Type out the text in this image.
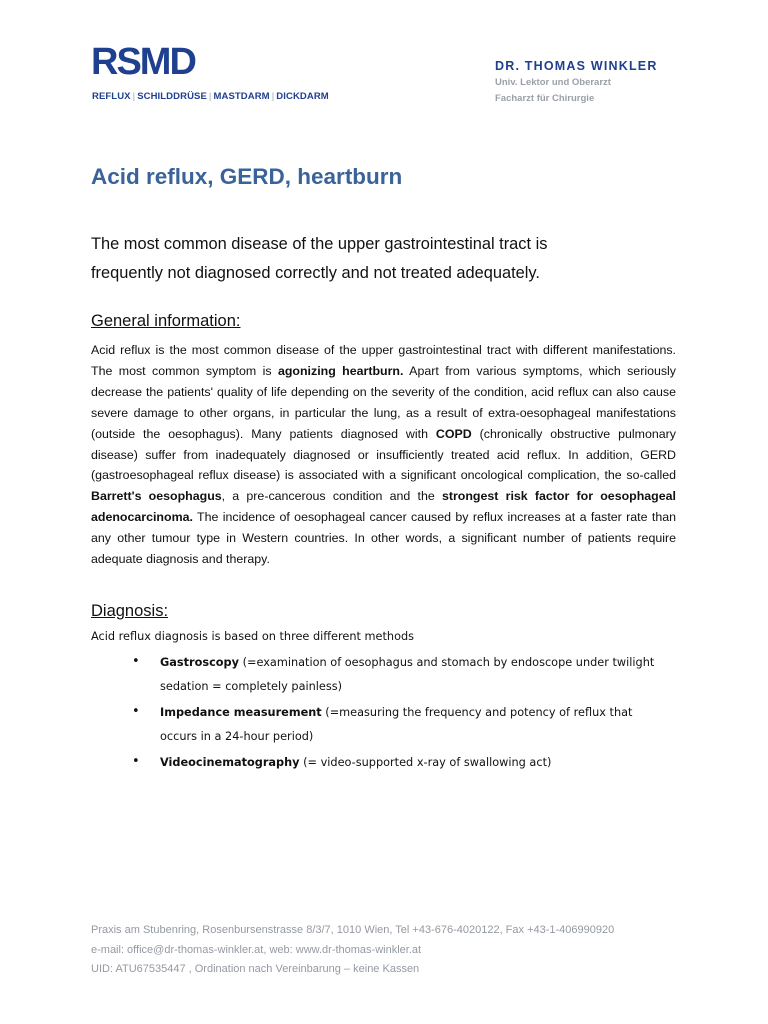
RSMD
REFLUX | SCHILDDRÜSE | MASTDARM | DICKDARM
DR. THOMAS WINKLER
Univ. Lektor und Oberarzt
Facharzt für Chirurgie
Acid reflux, GERD, heartburn

The most common disease of the upper gastrointestinal tract is frequently not diagnosed correctly and not treated adequately.

General information:

Acid reflux is the most common disease of the upper gastrointestinal tract with different manifestations. The most common symptom is agonizing heartburn. Apart from various symptoms, which seriously decrease the patients' quality of life depending on the severity of the condition, acid reflux can also cause severe damage to other organs, in particular the lung, as a result of extra-oesophageal manifestations (outside the oesophagus). Many patients diagnosed with COPD (chronically obstructive pulmonary disease) suffer from inadequately diagnosed or insufficiently treated acid reflux. In addition, GERD (gastroesophageal reflux disease) is associated with a significant oncological complication, the so-called Barrett's oesophagus, a pre-cancerous condition and the strongest risk factor for oesophageal adenocarcinoma. The incidence of oesophageal cancer caused by reflux increases at a faster rate than any other tumour type in Western countries. In other words, a significant number of patients require adequate diagnosis and therapy.

Diagnosis:

Acid reflux diagnosis is based on three different methods

• Gastroscopy (=examination of oesophagus and stomach by endoscope under twilight sedation = completely painless)
• Impedance measurement (=measuring the frequency and potency of reflux that occurs in a 24-hour period)
• Videocinematography (= video-supported x-ray of swallowing act)
Praxis am Stubenring, Rosenbursenstrasse 8/3/7, 1010 Wien, Tel +43-676-4020122, Fax +43-1-406990920
e-mail: office@dr-thomas-winkler.at, web: www.dr-thomas-winkler.at
UID: ATU67535447 , Ordination nach Vereinbarung – keine Kassen
